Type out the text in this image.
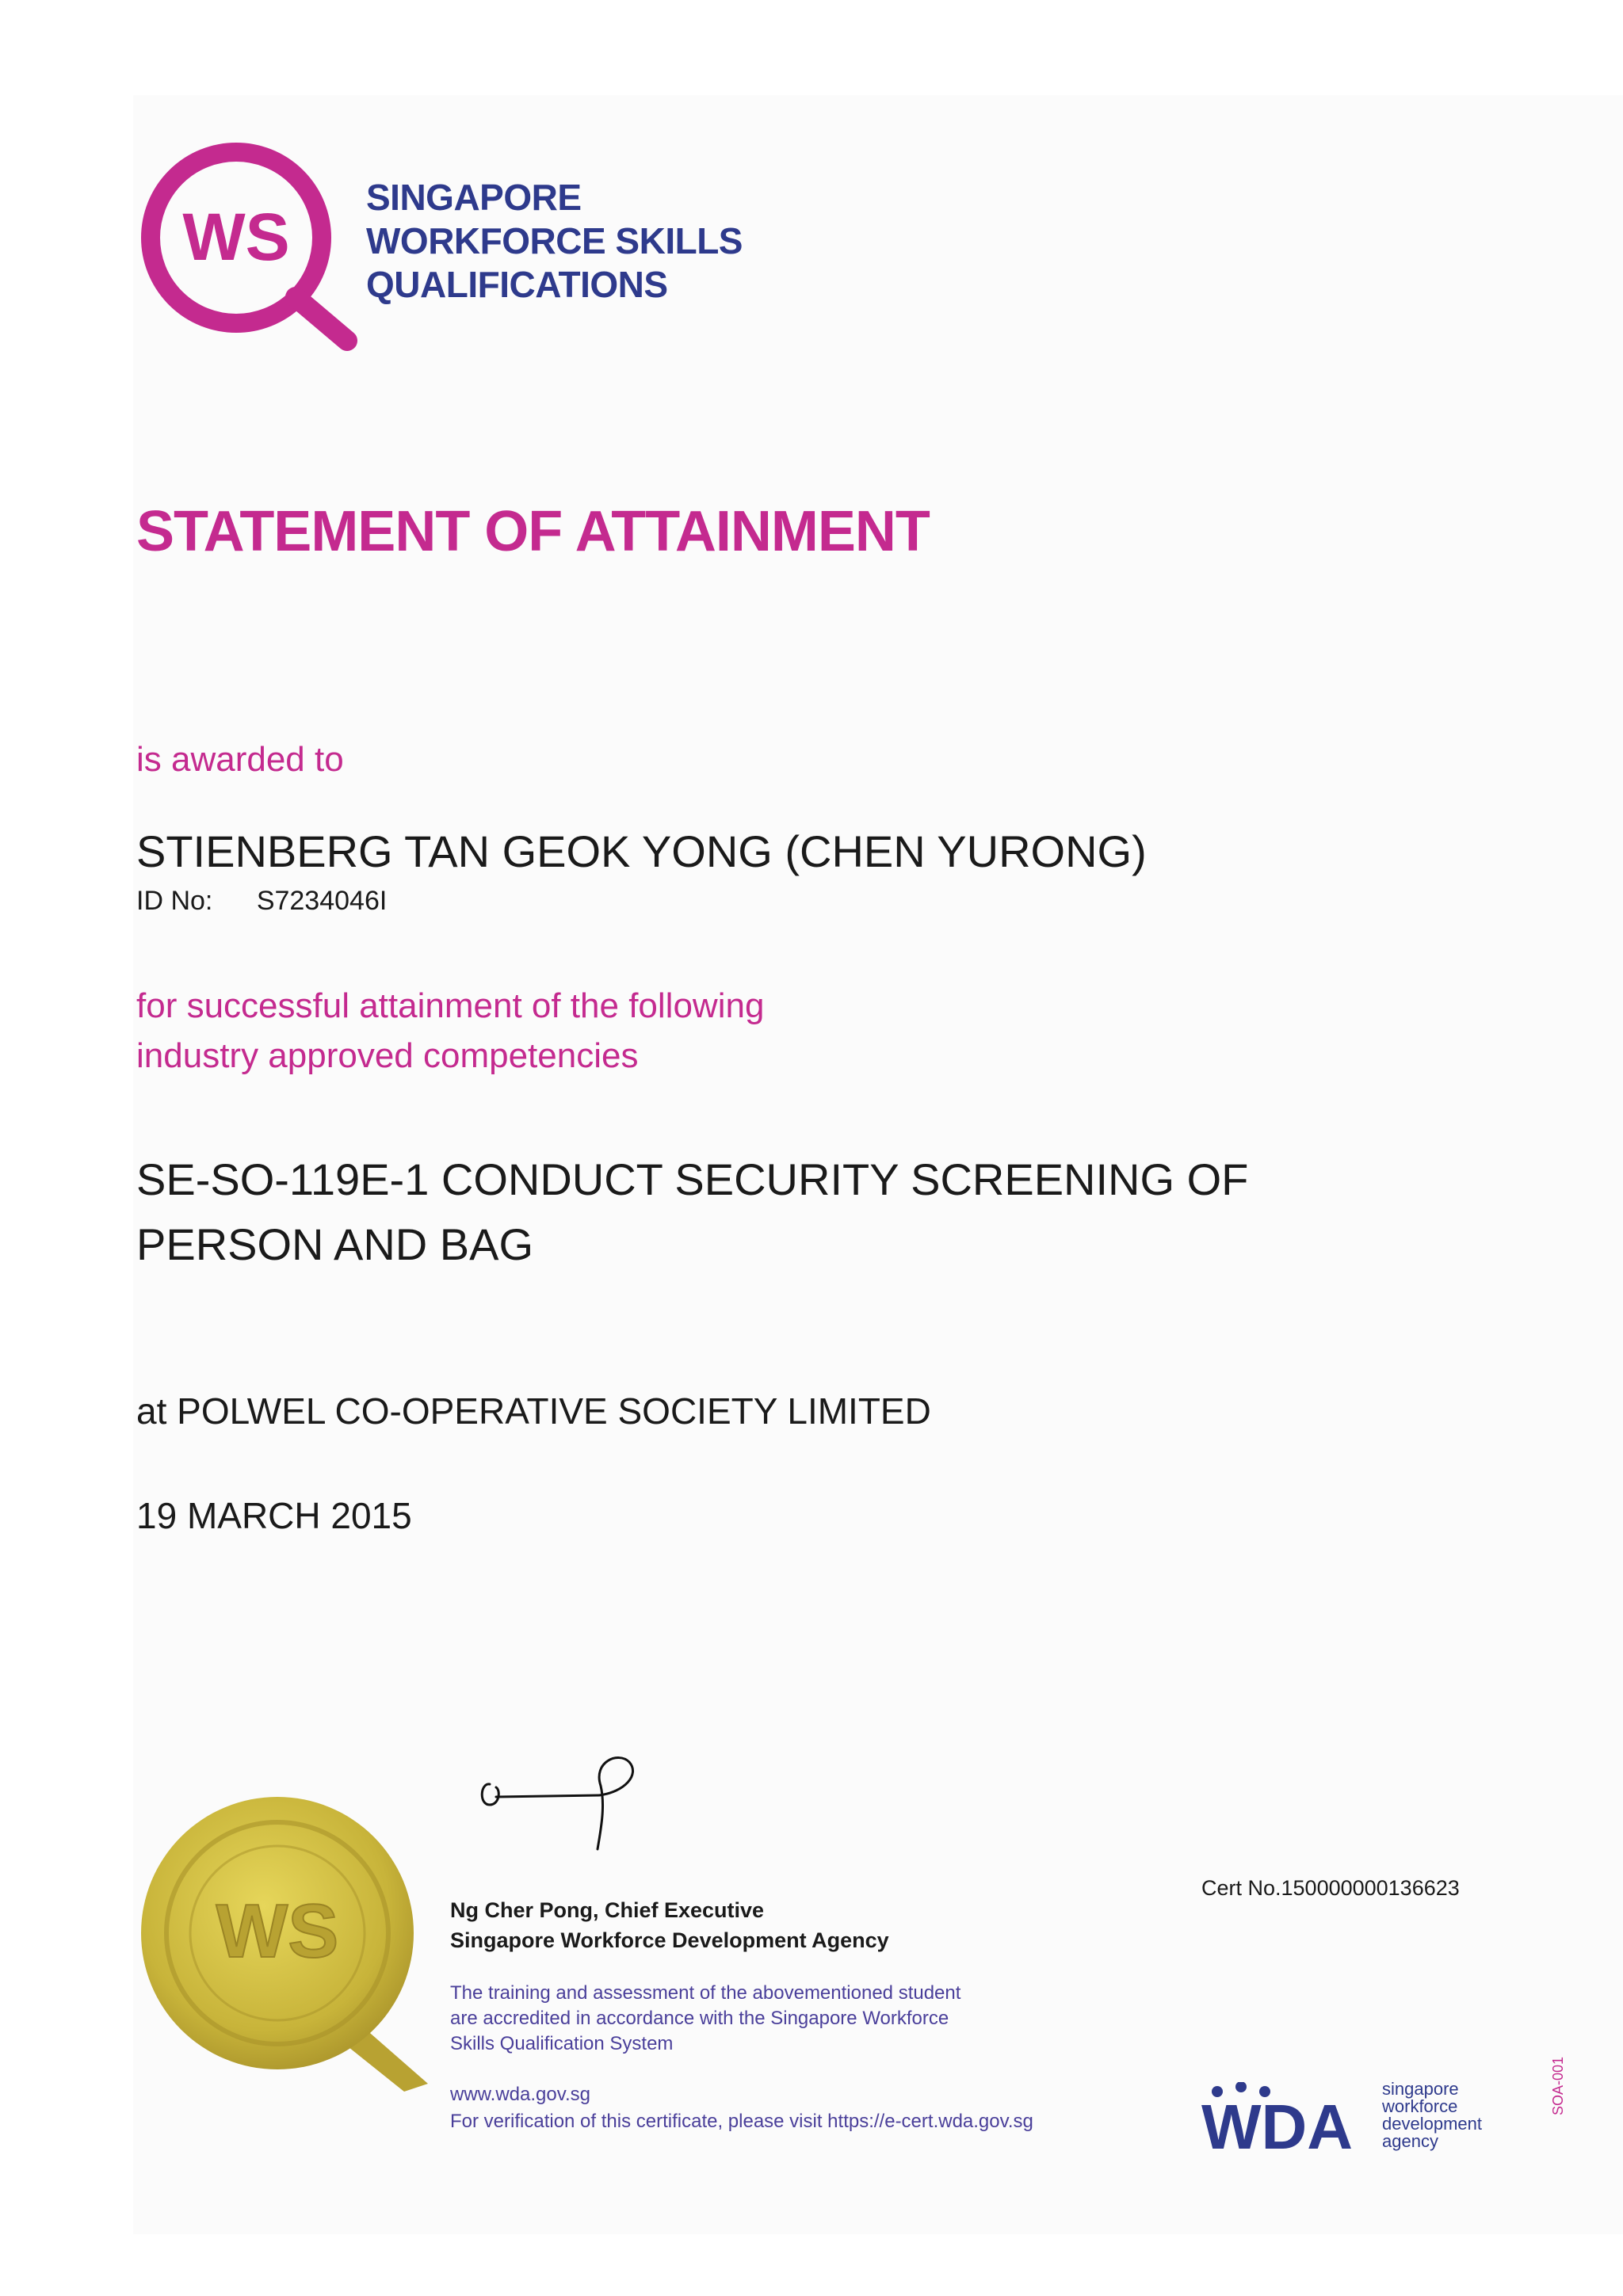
WS
SINGAPORE
WORKFORCE SKILLS
QUALIFICATIONS
STATEMENT OF ATTAINMENT
is awarded to
STIENBERG TAN GEOK YONG (CHEN YURONG)
ID No: S7234046I
for successful attainment of the following
industry approved competencies
SE-SO-119E-1 CONDUCT SECURITY SCREENING OF
PERSON AND BAG
at POLWEL CO-OPERATIVE SOCIETY LIMITED
19 MARCH 2015
WS	Ng Cher Pong, Chief Executive
Singapore Workforce Development Agency
The training and assessment of the abovementioned student
are accredited in accordance with the Singapore Workforce
Skills Qualification System
www.wda.gov.sg
For verification of this certificate, please visit https://e-cert.wda.gov.sg
Cert No.150000000136623
WDA
singapore
workforce
development
agency
SOA-001
